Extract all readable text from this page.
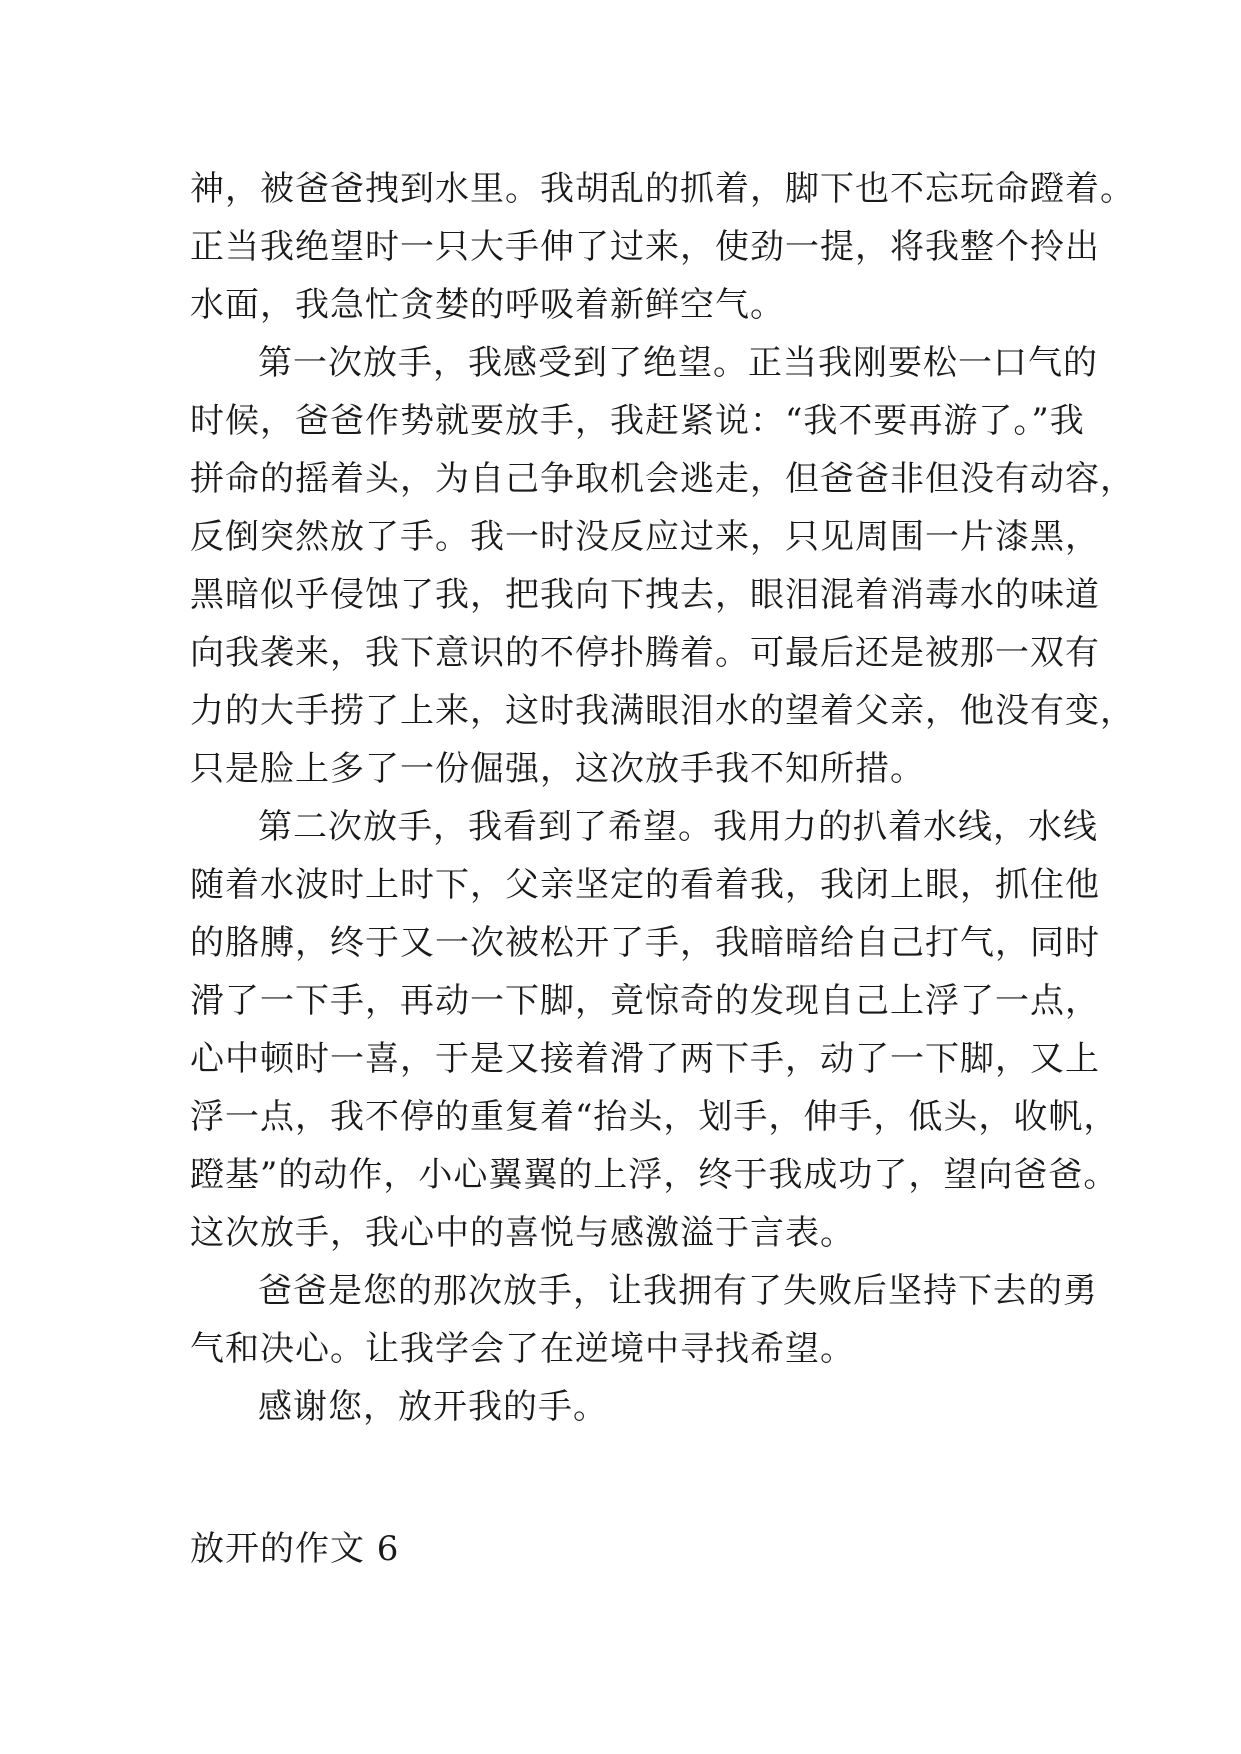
神，被爸爸拽到水里。我胡乱的抓着，脚下也不忘玩命蹬着。
正当我绝望时一只大手伸了过来，使劲一提，将我整个拎出
水面，我急忙贪婪的呼吸着新鲜空气。
第一次放手，我感受到了绝望。正当我刚要松一口气的
时候，爸爸作势就要放手，我赶紧说：“我不要再游了。”我
拼命的摇着头，为自己争取机会逃走，但爸爸非但没有动容，
反倒突然放了手。我一时没反应过来，只见周围一片漆黑，
黑暗似乎侵蚀了我，把我向下拽去，眼泪混着消毒水的味道
向我袭来，我下意识的不停扑腾着。可最后还是被那一双有
力的大手捞了上来，这时我满眼泪水的望着父亲，他没有变，
只是脸上多了一份倔强，这次放手我不知所措。
第二次放手，我看到了希望。我用力的扒着水线，水线
随着水波时上时下，父亲坚定的看着我，我闭上眼，抓住他
的胳膊，终于又一次被松开了手，我暗暗给自己打气，同时
滑了一下手，再动一下脚，竟惊奇的发现自己上浮了一点，
心中顿时一喜，于是又接着滑了两下手，动了一下脚，又上
浮一点，我不停的重复着“抬头，划手，伸手，低头，收帆，
蹬基”的动作，小心翼翼的上浮，终于我成功了，望向爸爸。
这次放手，我心中的喜悦与感激溢于言表。
爸爸是您的那次放手，让我拥有了失败后坚持下去的勇
气和决心。让我学会了在逆境中寻找希望。
感谢您，放开我的手。
放开的作文 6
